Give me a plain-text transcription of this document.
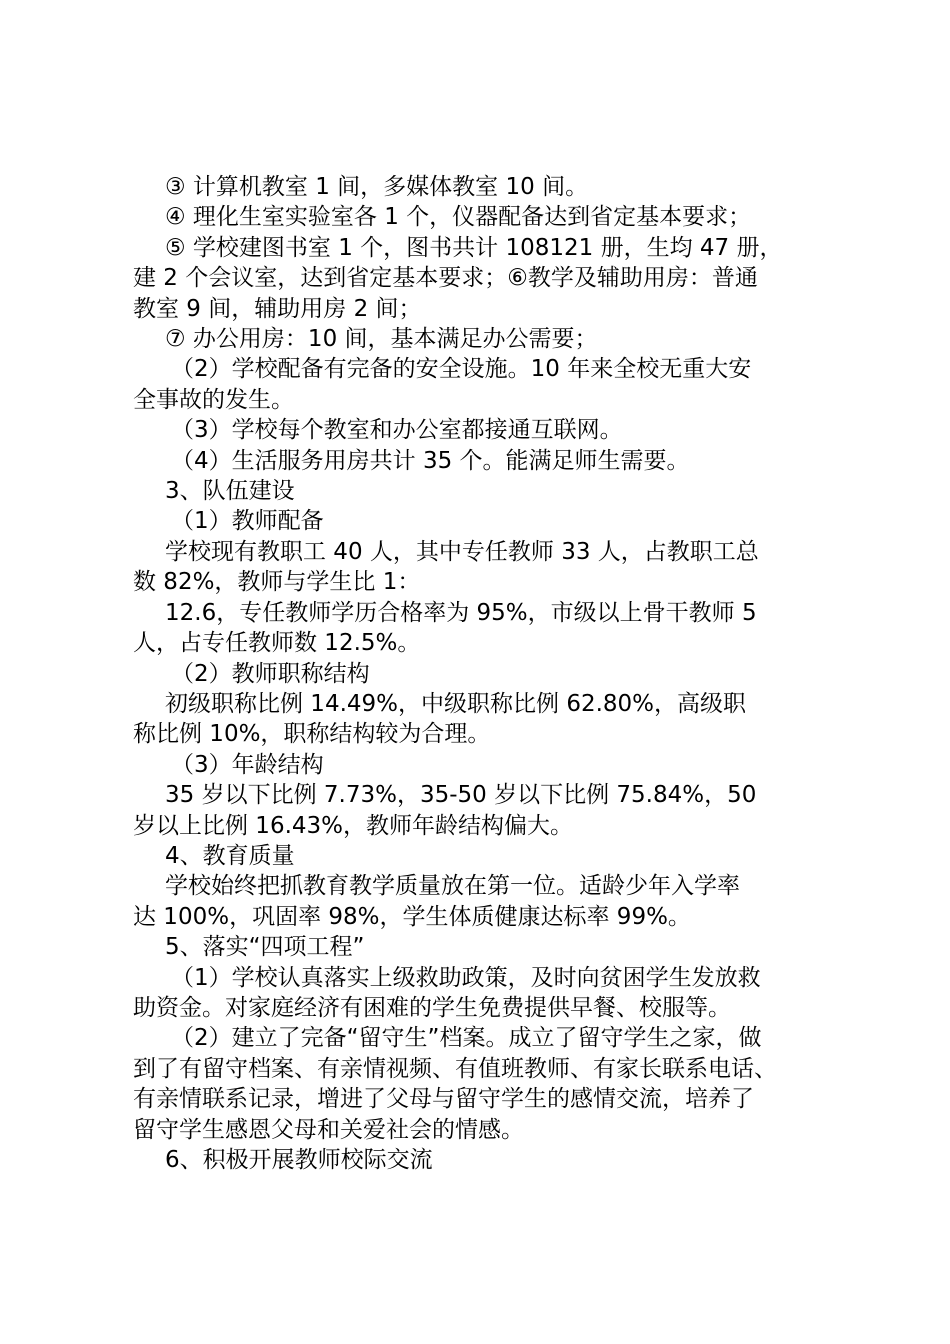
③ 计算机教室 1 间，多媒体教室 10 间。
④ 理化生室实验室各 1 个，仪器配备达到省定基本要求；
⑤ 学校建图书室 1 个，图书共计 108121 册，生均 47 册，
建 2 个会议室，达到省定基本要求；⑥教学及辅助用房：普通
教室 9 间，辅助用房 2 间；
⑦ 办公用房：10 间，基本满足办公需要；
（2）学校配备有完备的安全设施。10 年来全校无重大安
全事故的发生。
（3）学校每个教室和办公室都接通互联网。
（4）生活服务用房共计 35 个。能满足师生需要。
3、队伍建设
（1）教师配备
学校现有教职工 40 人，其中专任教师 33 人，占教职工总
数 82%，教师与学生比 1：
12.6，专任教师学历合格率为 95%，市级以上骨干教师 5
人，占专任教师数 12.5%。
（2）教师职称结构
初级职称比例 14.49%，中级职称比例 62.80%，高级职
称比例 10%，职称结构较为合理。
（3）年龄结构
35 岁以下比例 7.73%，35-50 岁以下比例 75.84%，50
岁以上比例 16.43%，教师年龄结构偏大。
4、教育质量
学校始终把抓教育教学质量放在第一位。适龄少年入学率
达 100%，巩固率 98%，学生体质健康达标率 99%。
5、落实“四项工程”
（1）学校认真落实上级救助政策，及时向贫困学生发放救
助资金。对家庭经济有困难的学生免费提供早餐、校服等。
（2）建立了完备“留守生”档案。成立了留守学生之家，做
到了有留守档案、有亲情视频、有值班教师、有家长联系电话、
有亲情联系记录，增进了父母与留守学生的感情交流，培养了
留守学生感恩父母和关爱社会的情感。
6、积极开展教师校际交流
